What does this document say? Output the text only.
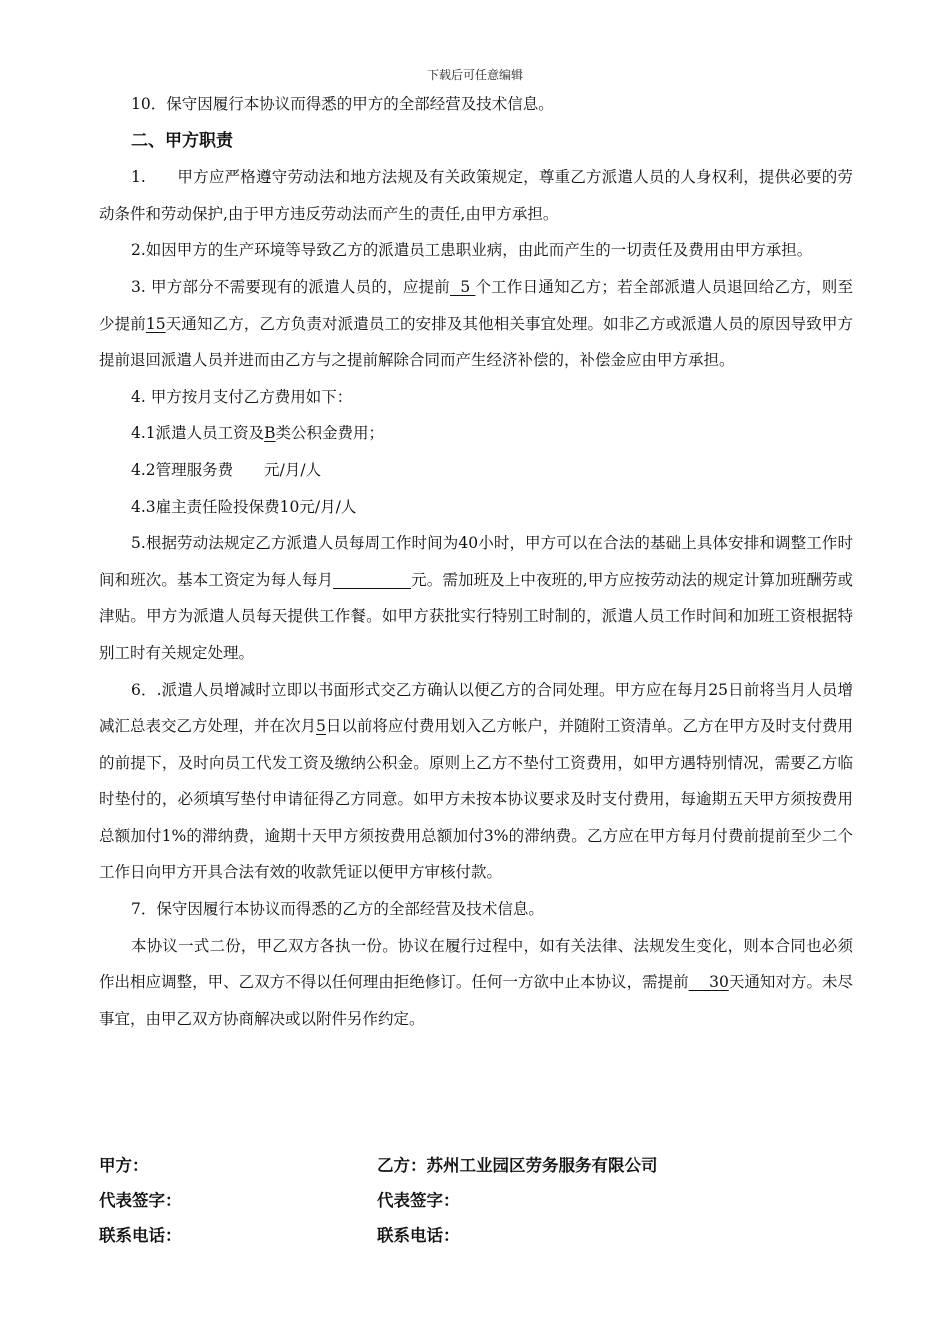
下载后可任意编辑

10．保守因履行本协议而得悉的甲方的全部经营及技术信息。

二、甲方职责

1.　　甲方应严格遵守劳动法和地方法规及有关政策规定，尊重乙方派遣人员的人身权利，提供必要的劳动条件和劳动保护,由于甲方违反劳动法而产生的责任,由甲方承担。

2.如因甲方的生产环境等导致乙方的派遣员工患职业病，由此而产生的一切责任及费用由甲方承担。

3. 甲方部分不需要现有的派遣人员的，应提前  5 个工作日通知乙方；若全部派遣人员退回给乙方，则至少提前15天通知乙方，乙方负责对派遣员工的安排及其他相关事宜处理。如非乙方或派遣人员的原因导致甲方提前退回派遣人员并进而由乙方与之提前解除合同而产生经济补偿的，补偿金应由甲方承担。

4. 甲方按月支付乙方费用如下：

4.1派遣人员工资及B类公积金费用；

4.2管理服务费　　元/月/人

4.3雇主责任险投保费10元/月/人

5.根据劳动法规定乙方派遣人员每周工作时间为40小时，甲方可以在合法的基础上具体安排和调整工作时间和班次。基本工资定为每人每月	元。需加班及上中夜班的,甲方应按劳动法的规定计算加班酬劳或津贴。甲方为派遣人员每天提供工作餐。如甲方获批实行特别工时制的，派遣人员工作时间和加班工资根据特别工时有关规定处理。

6．.派遣人员增减时立即以书面形式交乙方确认以便乙方的合同处理。甲方应在每月25日前将当月人员增减汇总表交乙方处理，并在次月5日以前将应付费用划入乙方帐户，并随附工资清单。乙方在甲方及时支付费用的前提下，及时向员工代发工资及缴纳公积金。原则上乙方不垫付工资费用，如甲方遇特别情况，需要乙方临时垫付的，必须填写垫付申请征得乙方同意。如甲方未按本协议要求及时支付费用，每逾期五天甲方须按费用总额加付1%的滞纳费，逾期十天甲方须按费用总额加付3%的滞纳费。乙方应在甲方每月付费前提前至少二个工作日向甲方开具合法有效的收款凭证以便甲方审核付款。

7．保守因履行本协议而得悉的乙方的全部经营及技术信息。

本协议一式二份，甲乙双方各执一份。协议在履行过程中，如有关法律、法规发生变化，则本合同也必须作出相应调整，甲、乙双方不得以任何理由拒绝修订。任何一方欲中止本协议，需提前　 30天通知对方。未尽事宜，由甲乙双方协商解决或以附件另作约定。

甲方：	乙方：苏州工业园区劳务服务有限公司
代表签字：	代表签字：
联系电话：	联系电话：
